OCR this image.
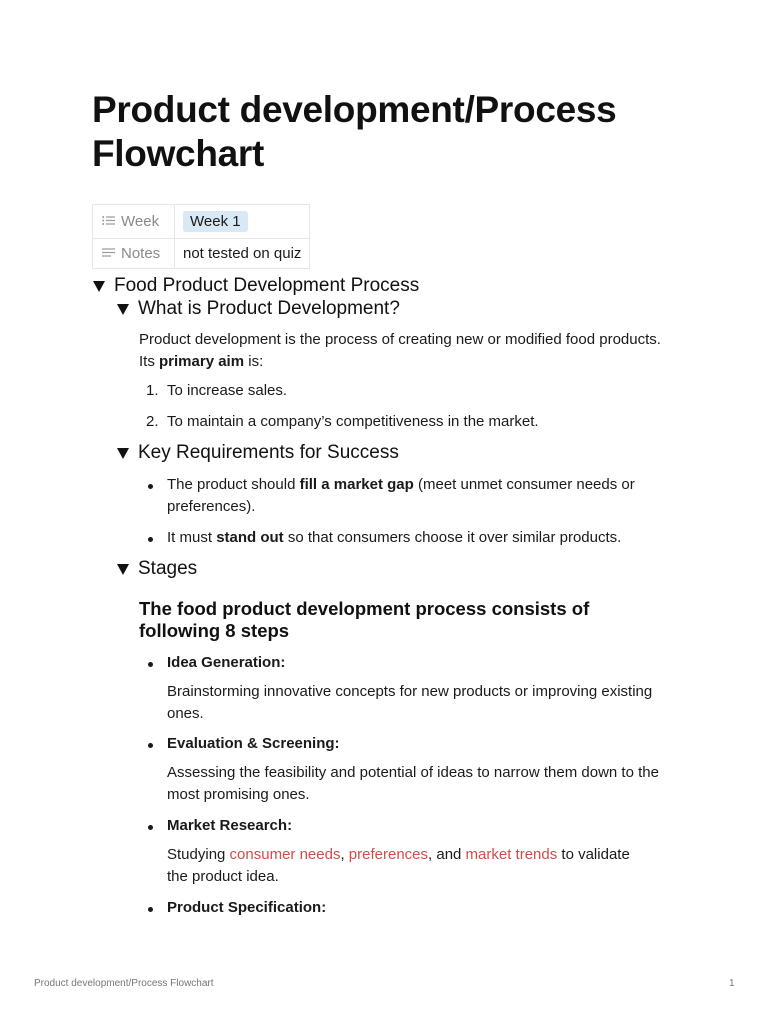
Product development/Process Flowchart
Week	Week 1
Notes	not tested on quiz
Food Product Development Process
What is Product Development?
Product development is the process of creating new or modified food products. Its primary aim is:
1. To increase sales.
2. To maintain a company’s competitiveness in the market.
Key Requirements for Success
The product should fill a market gap (meet unmet consumer needs or preferences).
It must stand out so that consumers choose it over similar products.
Stages
The food product development process consists of following 8 steps
Idea Generation:
Brainstorming innovative concepts for new products or improving existing ones.
Evaluation & Screening:
Assessing the feasibility and potential of ideas to narrow them down to the most promising ones.
Market Research:
Studying consumer needs, preferences, and market trends to validate the product idea.
Product Specification:
Product development/Process Flowchart	1
